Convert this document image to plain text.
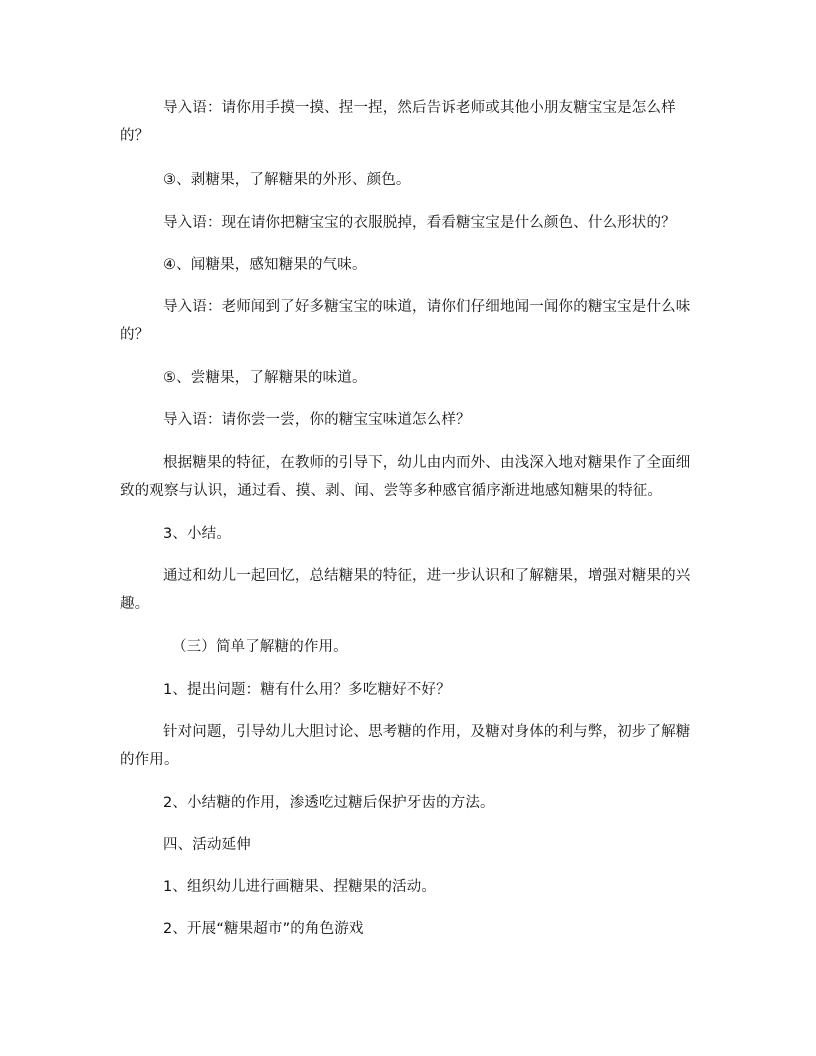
导入语：请你用手摸一摸、捏一捏，然后告诉老师或其他小朋友糖宝宝是怎么样的？

③、剥糖果，了解糖果的外形、颜色。

导入语：现在请你把糖宝宝的衣服脱掉，看看糖宝宝是什么颜色、什么形状的？

④、闻糖果，感知糖果的气味。

导入语：老师闻到了好多糖宝宝的味道，请你们仔细地闻一闻你的糖宝宝是什么味的？

⑤、尝糖果，了解糖果的味道。

导入语：请你尝一尝，你的糖宝宝味道怎么样？

根据糖果的特征，在教师的引导下，幼儿由内而外、由浅深入地对糖果作了全面细致的观察与认识，通过看、摸、剥、闻、尝等多种感官循序渐进地感知糖果的特征。

3、小结。

通过和幼儿一起回忆，总结糖果的特征，进一步认识和了解糖果，增强对糖果的兴趣。

（三）简单了解糖的作用。

1、提出问题：糖有什么用？多吃糖好不好？

针对问题，引导幼儿大胆讨论、思考糖的作用，及糖对身体的利与弊，初步了解糖的作用。

2、小结糖的作用，渗透吃过糖后保护牙齿的方法。

四、活动延伸

1、组织幼儿进行画糖果、捏糖果的活动。

2、开展“糖果超市”的角色游戏
